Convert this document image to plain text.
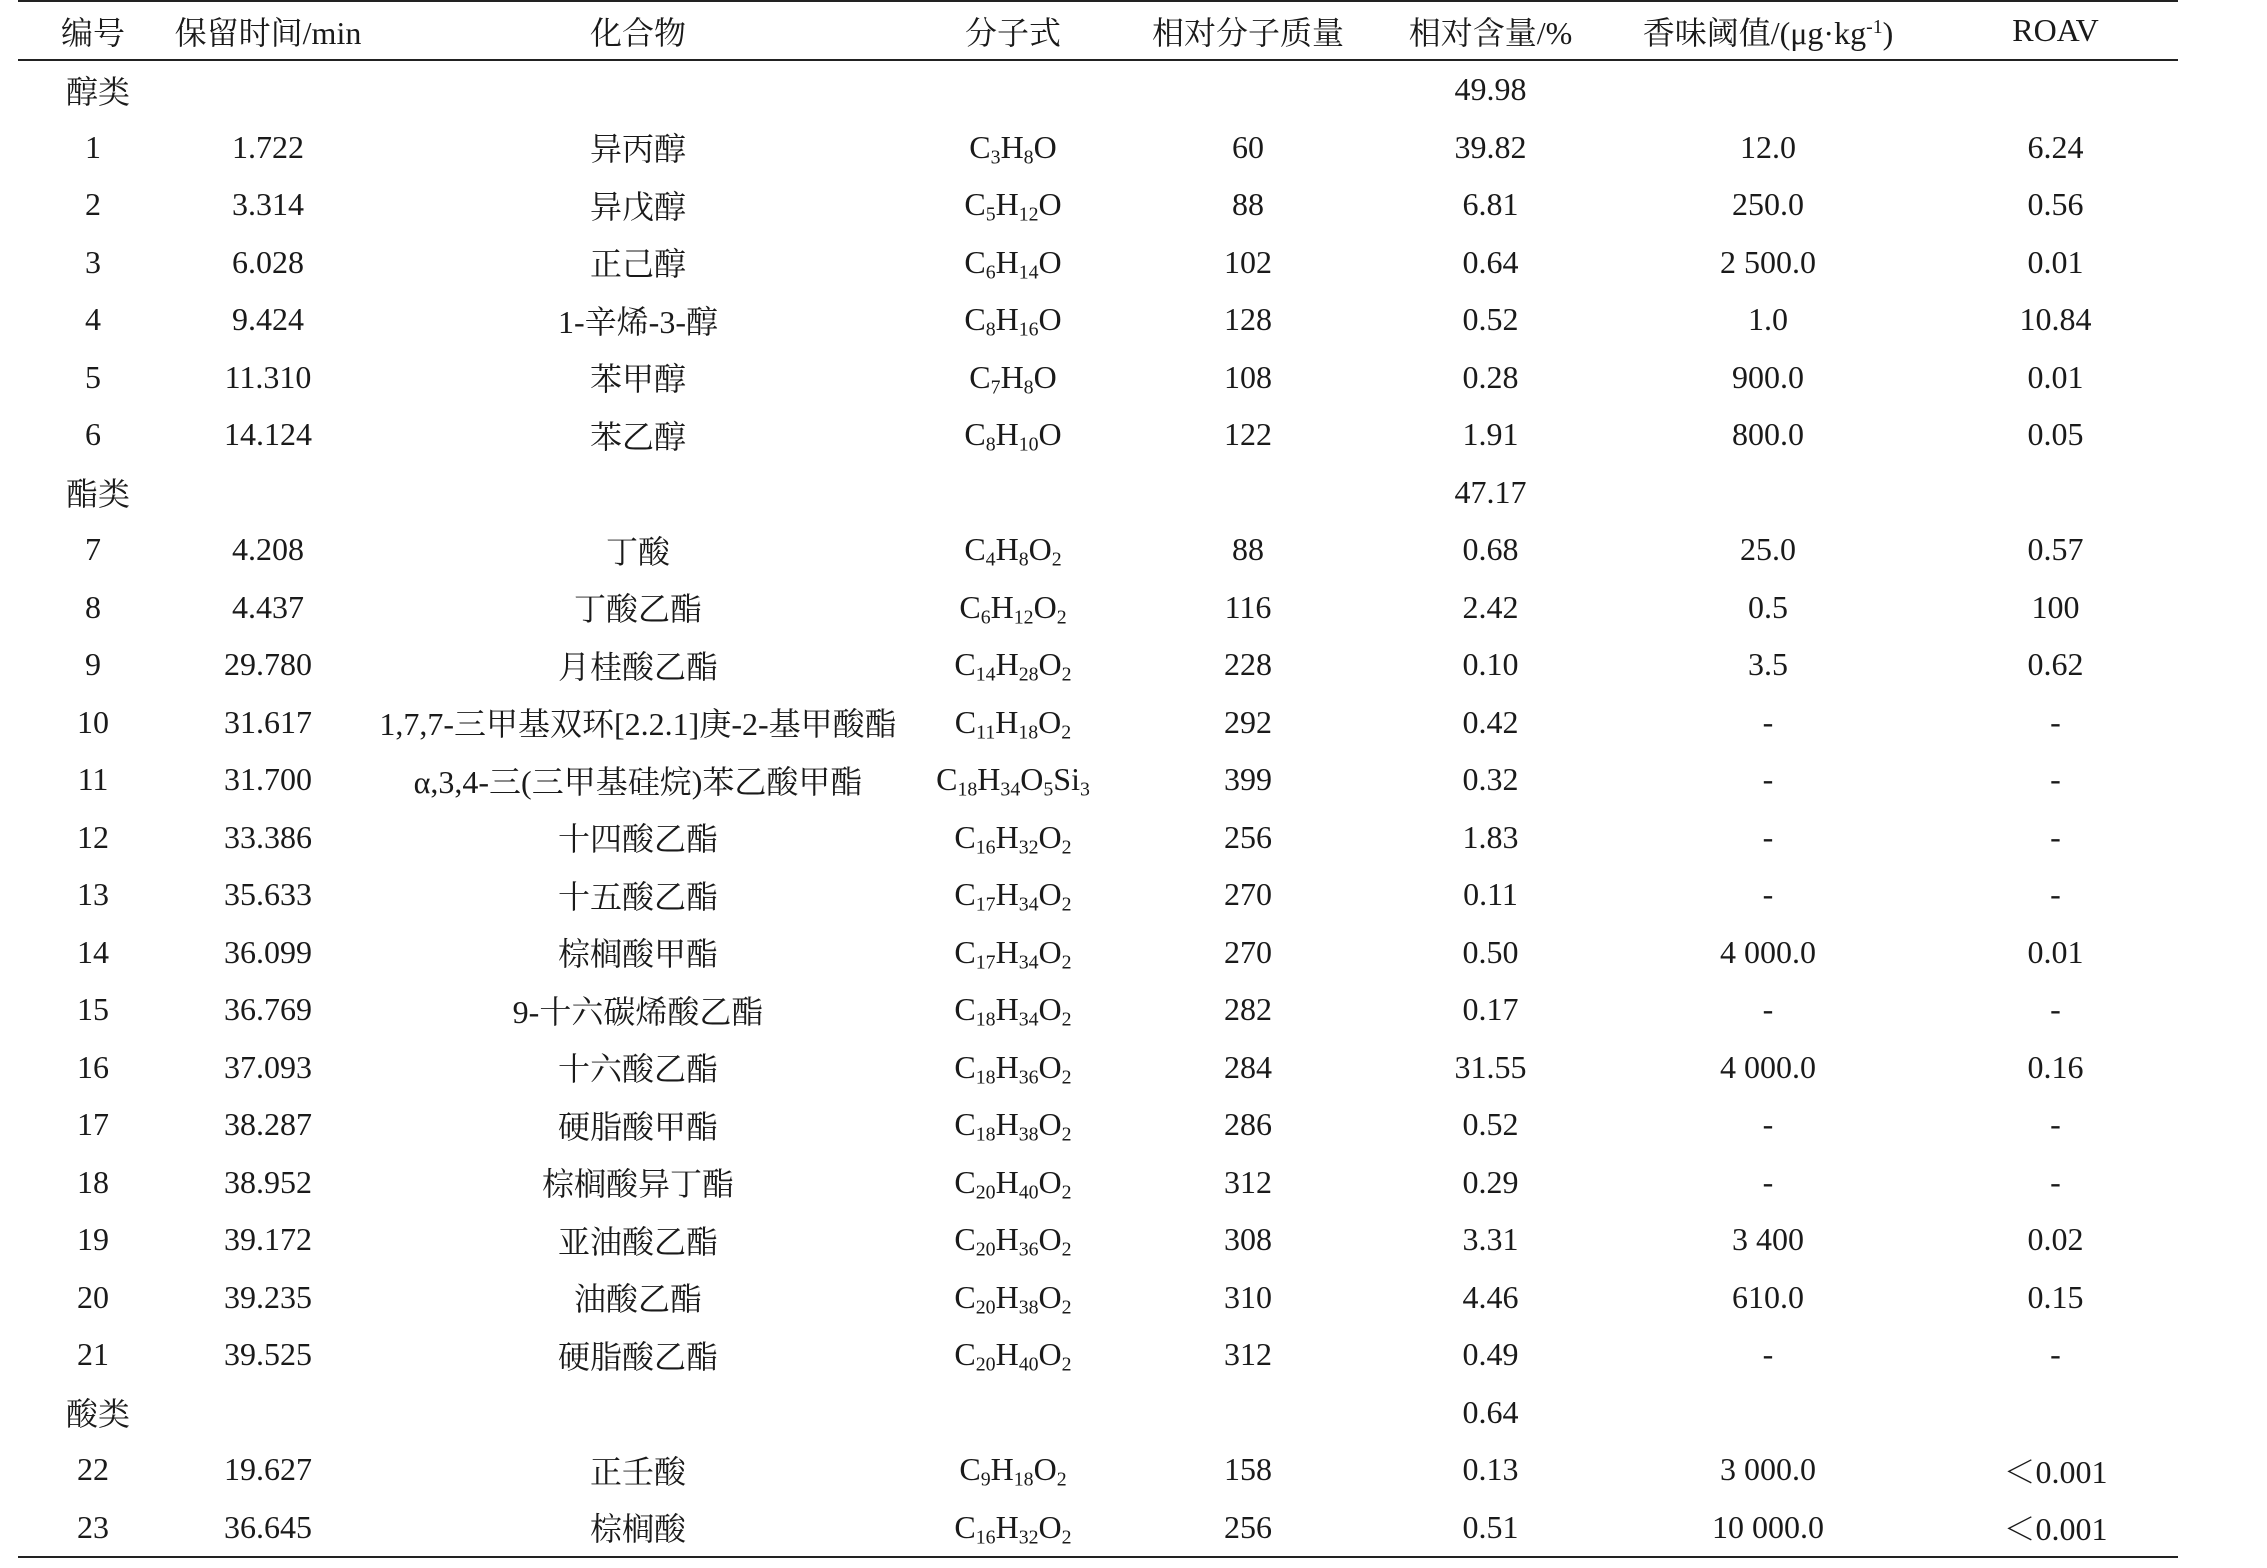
编号	保留时间/min	化合物	分子式	相对分子质量	相对含量/%	香味阈值$/(\mu g\cdot kg^{-1})$	ROAV
醇类					49.98		
1	1.722	异丙醇	$C_3H_8O$	60	39.82	12.0	6.24
2	3.314	异戊醇	$C_5H_{12}O$	88	6.81	250.0	0.56
3	6.028	正己醇	$C_6H_{14}O$	102	0.64	2 500.0	0.01
4	9.424	1-辛烯-3-醇	$C_8H_{16}O$	128	0.52	1.0	10.84
5	11.310	苯甲醇	$C_7H_8O$	108	0.28	900.0	0.01
6	14.124	苯乙醇	$C_8H_{10}O$	122	1.91	800.0	0.05
酯类					47.17		
7	4.208	丁酸	$C_4H_8O_2$	88	0.68	25.0	0.57
8	4.437	丁酸乙酯	$C_6H_{12}O_2$	116	2.42	0.5	100
9	29.780	月桂酸乙酯	$C_{14}H_{28}O_2$	228	0.10	3.5	0.62
10	31.617	1,7,7-三甲基双环[2.2.1]庚-2-基甲酸酯	$C_{11}H_{18}O_2$	292	0.42	-	-
11	31.700	α,3,4-三(三甲基硅烷)苯乙酸甲酯	$C_{18}H_{34}O_5Si_3$	399	0.32	-	-
12	33.386	十四酸乙酯	$C_{16}H_{32}O_2$	256	1.83	-	-
13	35.633	十五酸乙酯	$C_{17}H_{34}O_2$	270	0.11	-	-
14	36.099	棕榈酸甲酯	$C_{17}H_{34}O_2$	270	0.50	4 000.0	0.01
15	36.769	9-十六碳烯酸乙酯	$C_{18}H_{34}O_2$	282	0.17	-	-
16	37.093	十六酸乙酯	$C_{18}H_{36}O_2$	284	31.55	4 000.0	0.16
17	38.287	硬脂酸甲酯	$C_{18}H_{38}O_2$	286	0.52	-	-
18	38.952	棕榈酸异丁酯	$C_{20}H_{40}O_2$	312	0.29	-	-
19	39.172	亚油酸乙酯	$C_{20}H_{36}O_2$	308	3.31	3 400	0.02
20	39.235	油酸乙酯	$C_{20}H_{38}O_2$	310	4.46	610.0	0.15
21	39.525	硬脂酸乙酯	$C_{20}H_{40}O_2$	312	0.49	-	-
酸类					0.64		
22	19.627	正壬酸	$C_9H_{18}O_2$	158	0.13	3 000.0	＜0.001
23	36.645	棕榈酸	$C_{16}H_{32}O_2$	256	0.51	10 000.0	＜0.001
